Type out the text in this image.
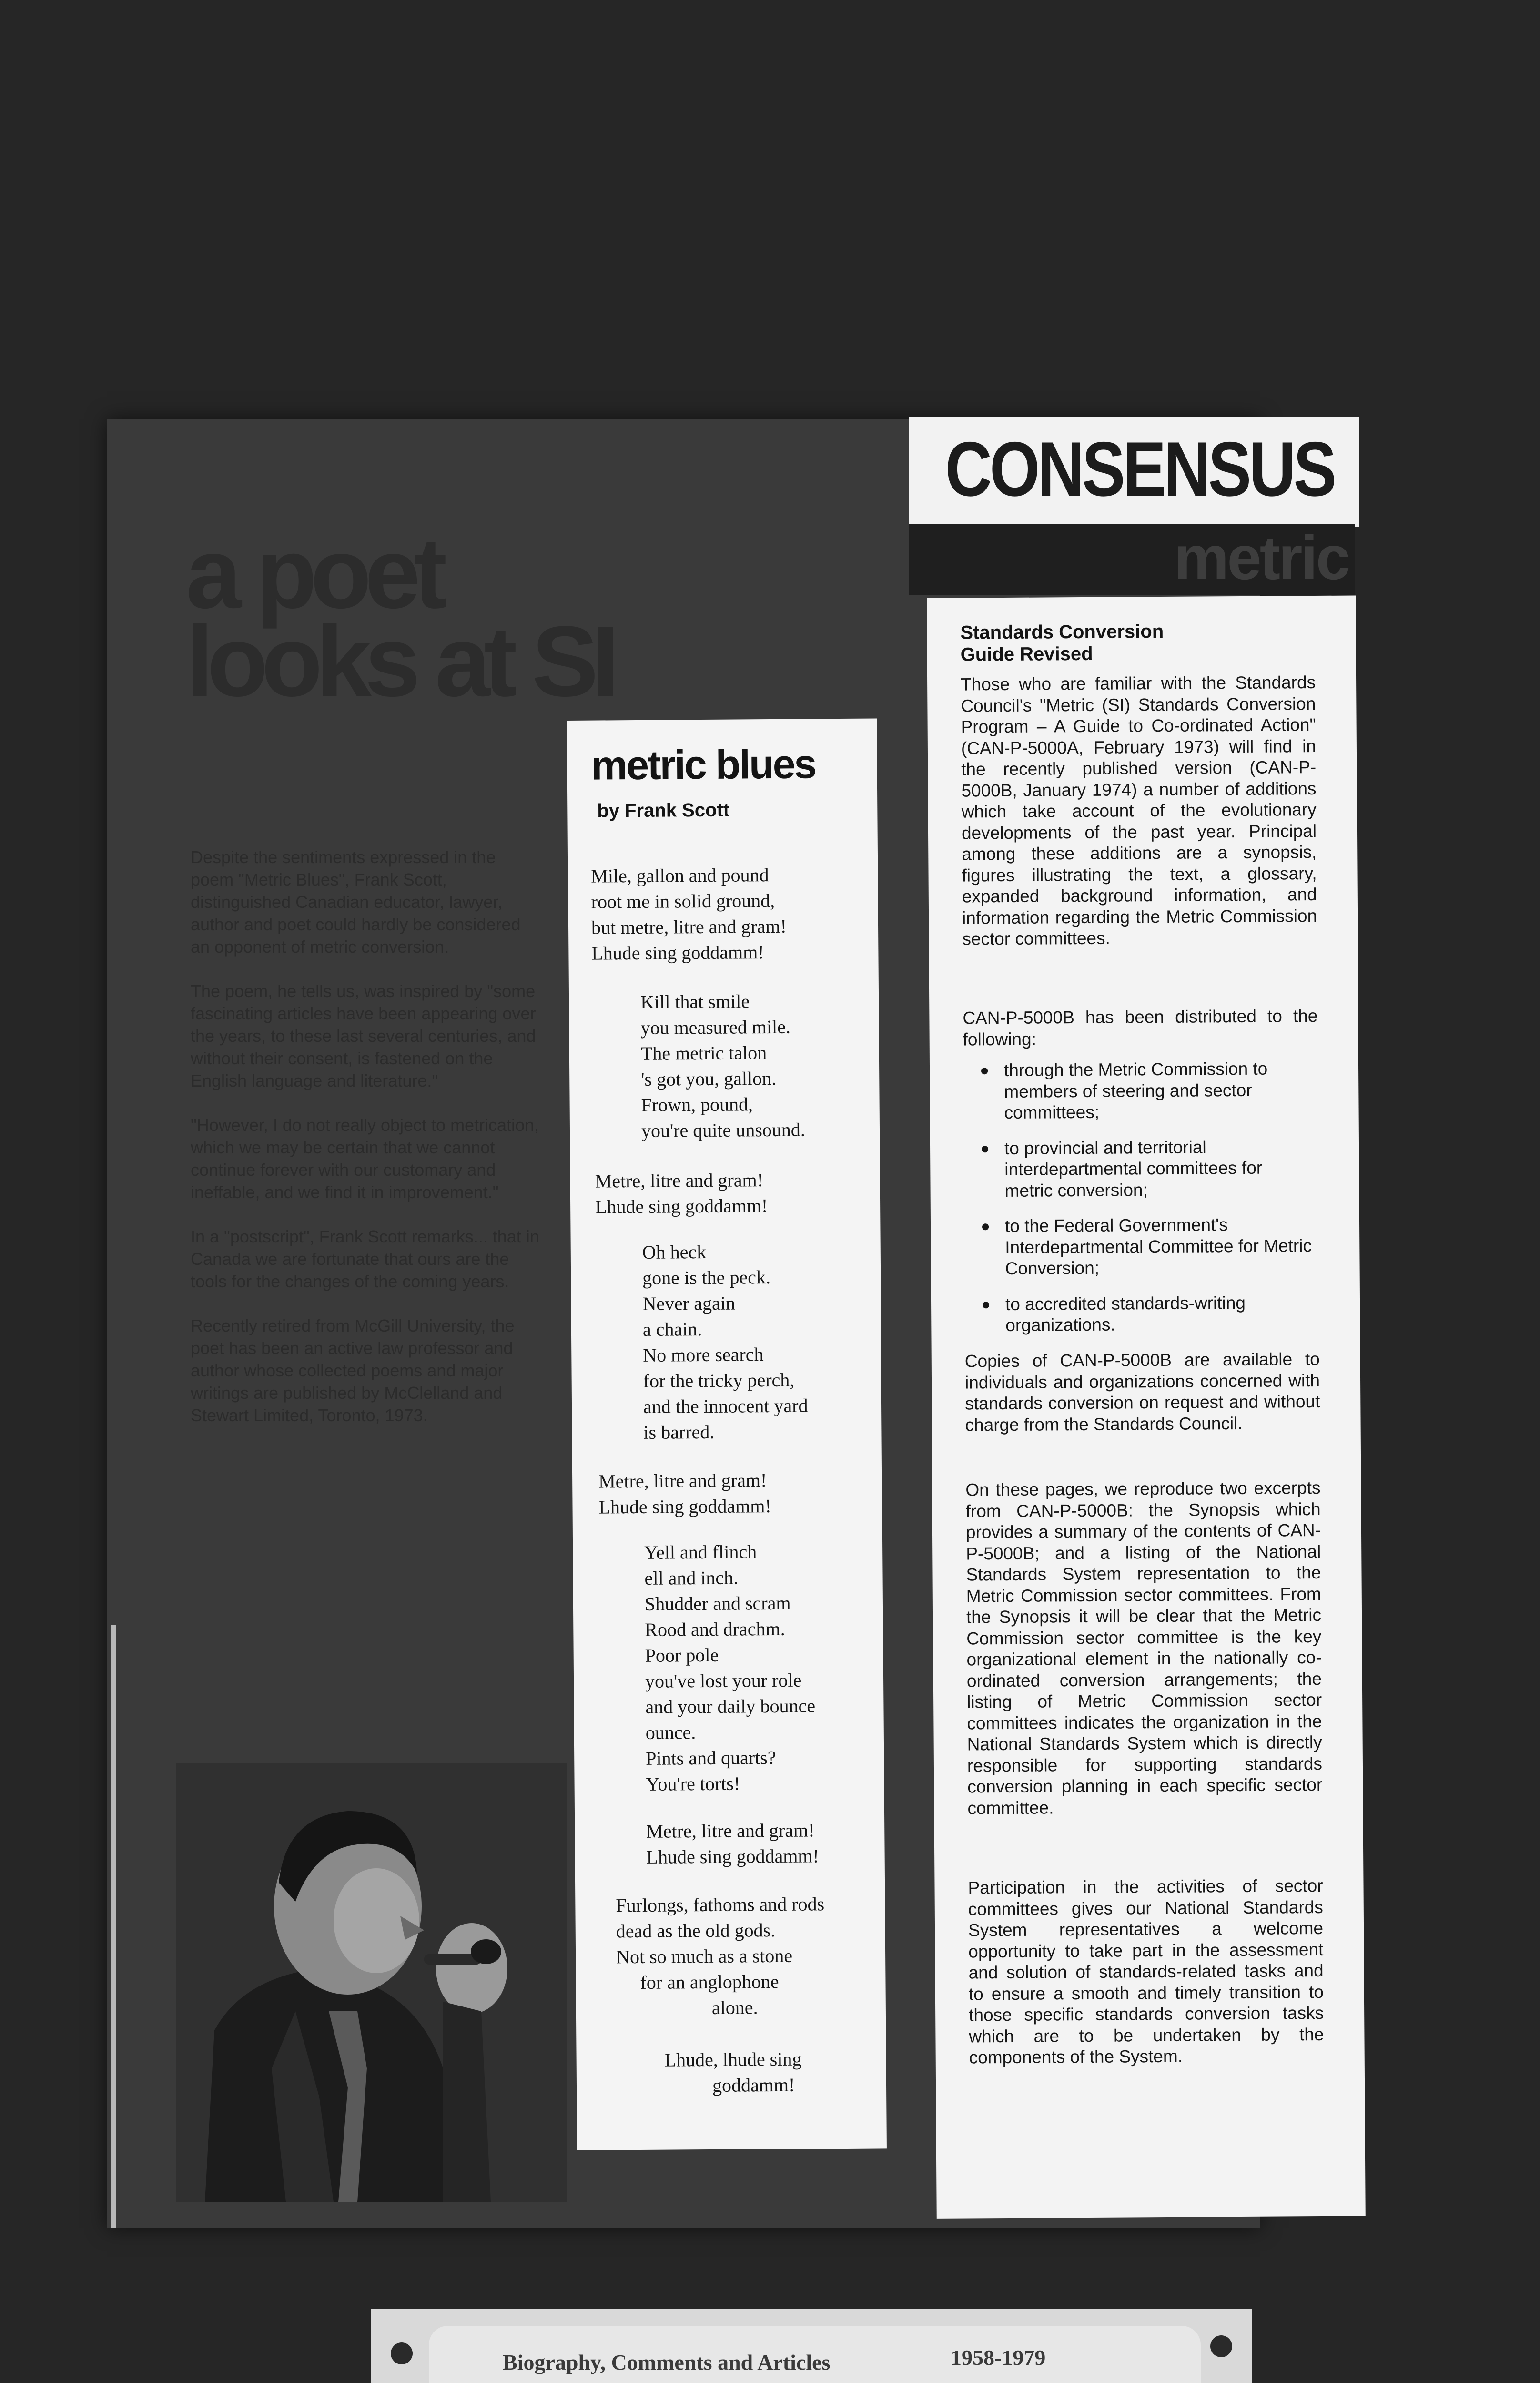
a poet
looks at SI

Despite the sentiments expressed in the poem "Metric Blues", Frank Scott, distinguished Canadian educator, lawyer, author and poet could hardly be considered an opponent of metric conversion.

The poem, he tells us, was inspired by "some fascinating articles have been appearing over the years, to these last several centuries, and without their consent, is fastened on the English language and literature."

"However, I do not really object to metrication, which we may be certain that we cannot continue forever with our customary and ineffable, and we find it in improvement."

In a "postscript", Frank Scott remarks... that in Canada we are fortunate that ours are the tools for the changes of the coming years.

Recently retired from McGill University, the poet has been an active law professor and author whose collected poems and major writings are published by McClelland and Stewart Limited, Toronto, 1973.

CONSENSUS
metric
metric blues
by Frank Scott
Mile, gallon and pound
root me in solid ground,
but metre, litre and gram!
Lhude sing goddamm!
Kill that smile
you measured mile.
The metric talon
's got you, gallon.
Frown, pound,
you're quite unsound.
Metre, litre and gram!
Lhude sing goddamm!
Oh heck
gone is the peck.
Never again
a chain.
No more search
for the tricky perch,
and the innocent yard
is barred.
Metre, litre and gram!
Lhude sing goddamm!
Yell and flinch
ell and inch.
Shudder and scram
Rood and drachm.
Poor pole
you've lost your role
and your daily bounce
ounce.
Pints and quarts?
You're torts!
Metre, litre and gram!
Lhude sing goddamm!
Furlongs, fathoms and rods
dead as the old gods.
Not so much as a stone
for an anglophone
alone.
Lhude, lhude sing
goddamm!
Standards Conversion
Guide Revised

Those who are familiar with the Standards Council's "Metric (SI) Standards Conversion Program – A Guide to Co-ordinated Action" (CAN-P-5000A, February 1973) will find in the recently published version (CAN-P-5000B, January 1974) a number of additions which take account of the evolutionary developments of the past year. Principal among these additions are a synopsis, figures illustrating the text, a glossary, expanded background information, and information regarding the Metric Commission sector committees.

CAN-P-5000B has been distributed to the following:

through the Metric Commission to members of steering and sector committees;
to provincial and territorial interdepartmental committees for metric conversion;
to the Federal Government's Interdepartmental Committee for Metric Conversion;
to accredited standards-writing organizations.

Copies of CAN-P-5000B are available to individuals and organizations concerned with standards conversion on request and without charge from the Standards Council.

On these pages, we reproduce two excerpts from CAN-P-5000B: the Synopsis which provides a summary of the contents of CAN-P-5000B; and a listing of the National Standards System representation to the Metric Commission sector committees. From the Synopsis it will be clear that the Metric Commission sector committee is the key organizational element in the nationally co-ordinated conversion arrangements; the listing of Metric Commission sector committees indicates the organization in the National Standards System which is directly responsible for supporting standards conversion planning in each specific sector committee.

Participation in the activities of sector committees gives our National Standards System representatives a welcome opportunity to take part in the assessment and solution of standards-related tasks and to ensure a smooth and timely transition to those specific standards conversion tasks which are to be undertaken by the components of the System.

Biography, Comments and Articles	1958-1979
